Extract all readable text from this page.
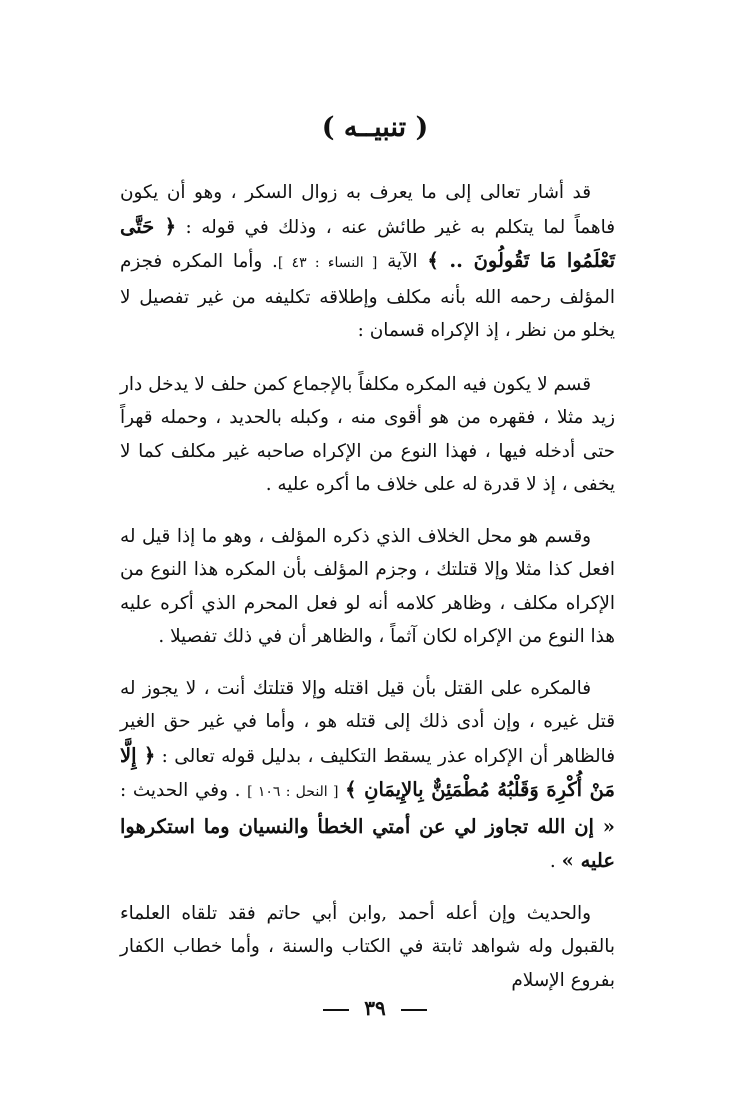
( تنبيــه )

قد أشار تعالى إلى ما يعرف به زوال السكر ، وهو أن يكون فاهماً لما يتكلم به غير طائش عنه ، وذلك في قوله : ﴿ حَتَّى تَعْلَمُوا مَا تَقُولُونَ .. ﴾ الآية [ النساء : ٤٣ ]. وأما المكره فجزم المؤلف رحمه الله بأنه مكلف وإطلاقه تكليفه من غير تفصيل لا يخلو من نظر ، إذ الإكراه قسمان :

قسم لا يكون فيه المكره مكلفاً بالإجماع كمن حلف لا يدخل دار زيد مثلا ، فقهره من هو أقوى منه ، وكبله بالحديد ، وحمله قهراً حتى أدخله فيها ، فهذا النوع من الإكراه صاحبه غير مكلف كما لا يخفى ، إذ لا قدرة له على خلاف ما أكره عليه .

وقسم هو محل الخلاف الذي ذكره المؤلف ، وهو ما إذا قيل له افعل كذا مثلا وإلا قتلتك ، وجزم المؤلف بأن المكره هذا النوع من الإكراه مكلف ، وظاهر كلامه أنه لو فعل المحرم الذي أكره عليه هذا النوع من الإكراه لكان آثماً ، والظاهر أن في ذلك تفصيلا .

فالمكره على القتل بأن قيل اقتله وإلا قتلتك أنت ، لا يجوز له قتل غيره ، وإن أدى ذلك إلى قتله هو ، وأما في غير حق الغير فالظاهر أن الإكراه عذر يسقط التكليف ، بدليل قوله تعالى : ﴿ إِلَّا مَنْ أُكْرِهَ وَقَلْبُهُ مُطْمَئِنٌّ بِالإِيمَانِ ﴾ [ النحل : ١٠٦ ] . وفي الحديث : « إن الله تجاوز لي عن أمتي الخطأ والنسيان وما استكرهوا عليه » .

والحديث وإن أعله أحمد ,وابن أبي حاتم فقد تلقاه العلماء بالقبول وله شواهد ثابتة في الكتاب والسنة ، وأما خطاب الكفار بفروع الإسلام

٣٩
